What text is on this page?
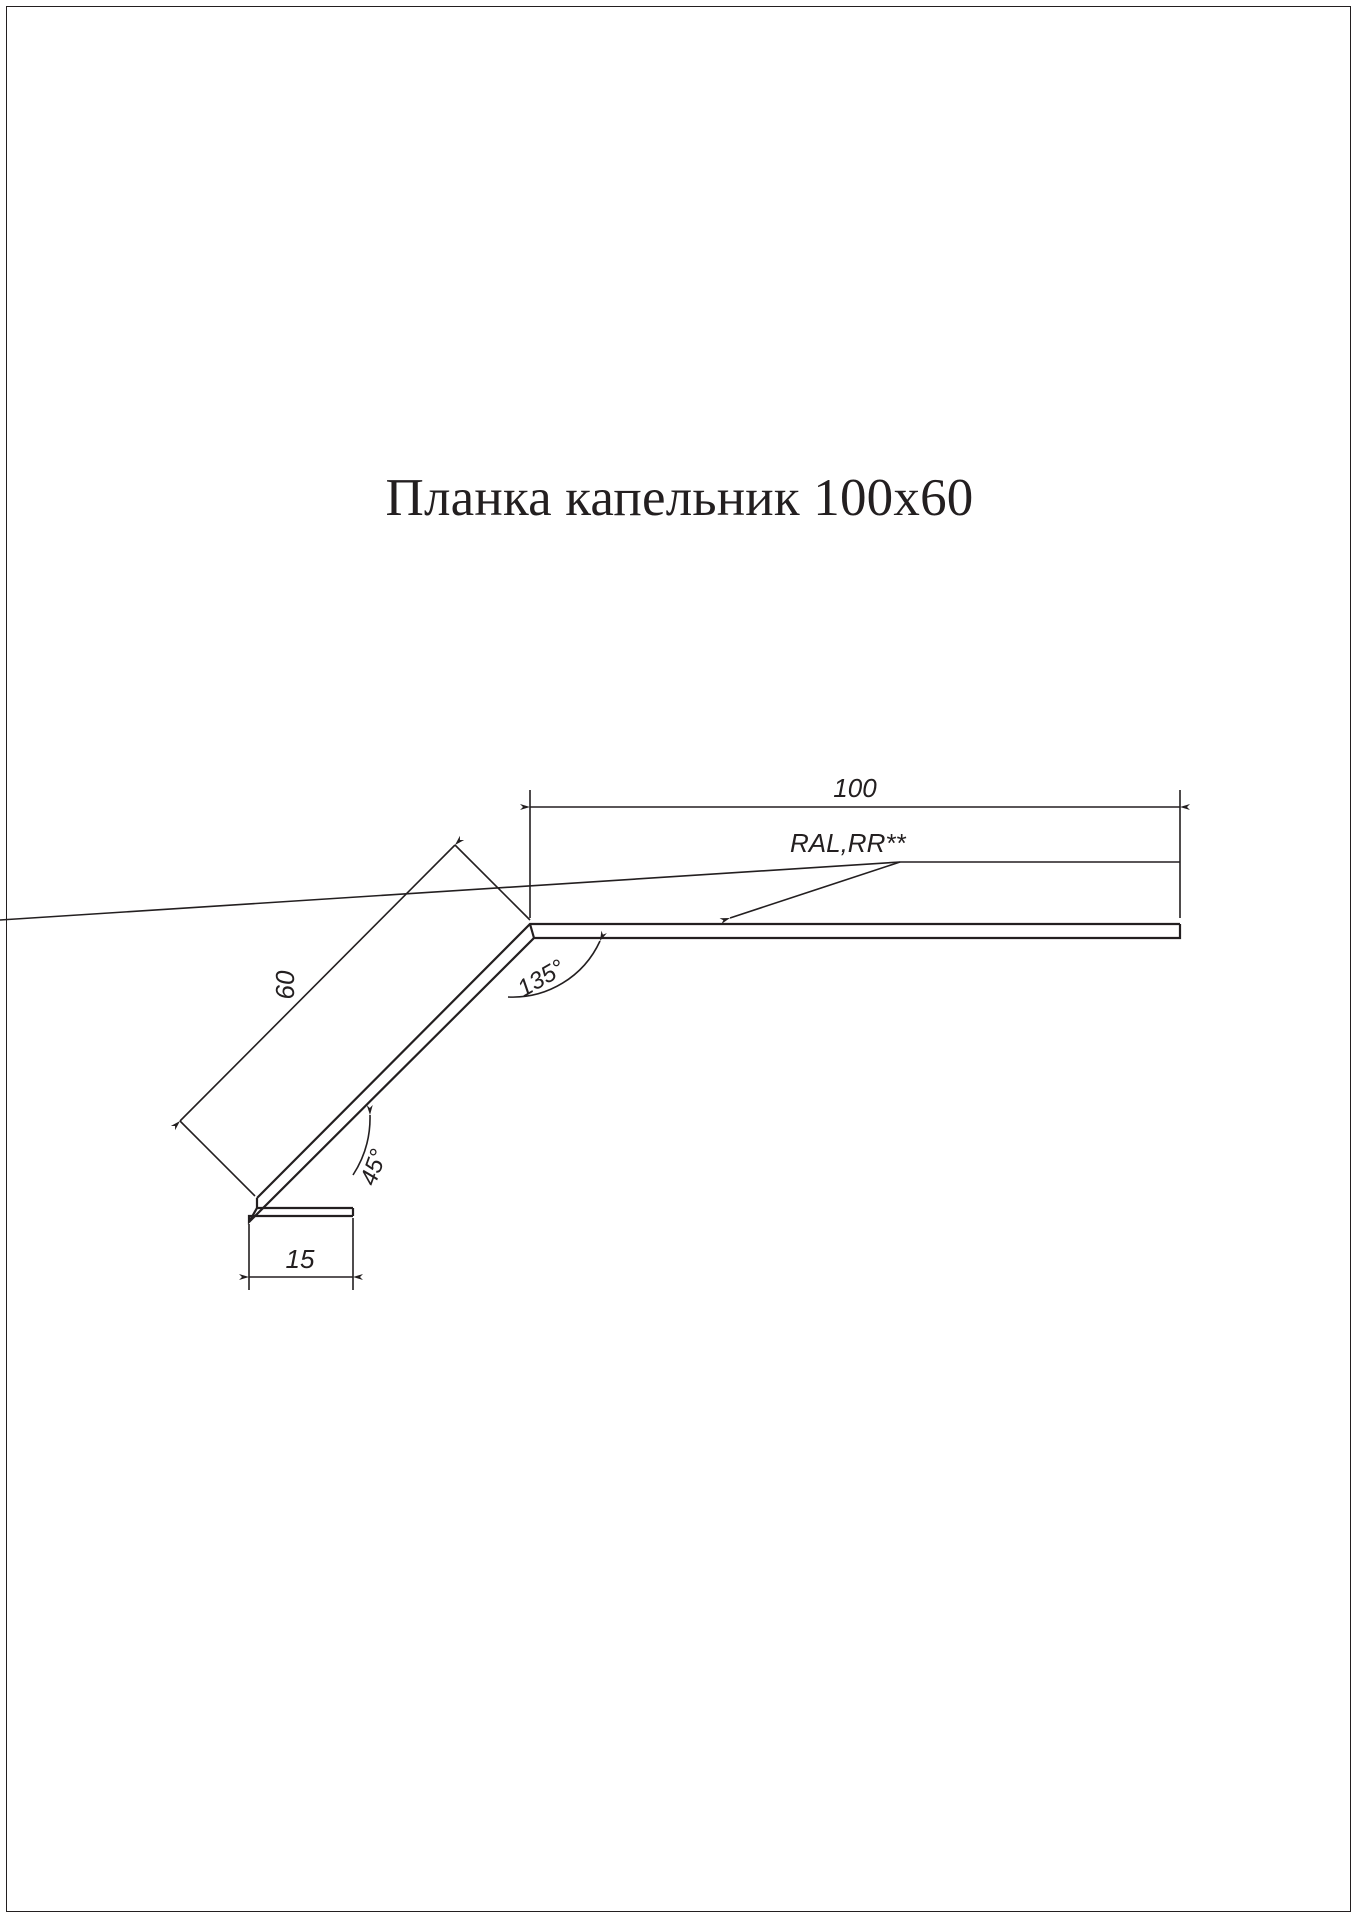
Планка капельник 100х60
100
60
15
135°
45°
RAL,RR**
